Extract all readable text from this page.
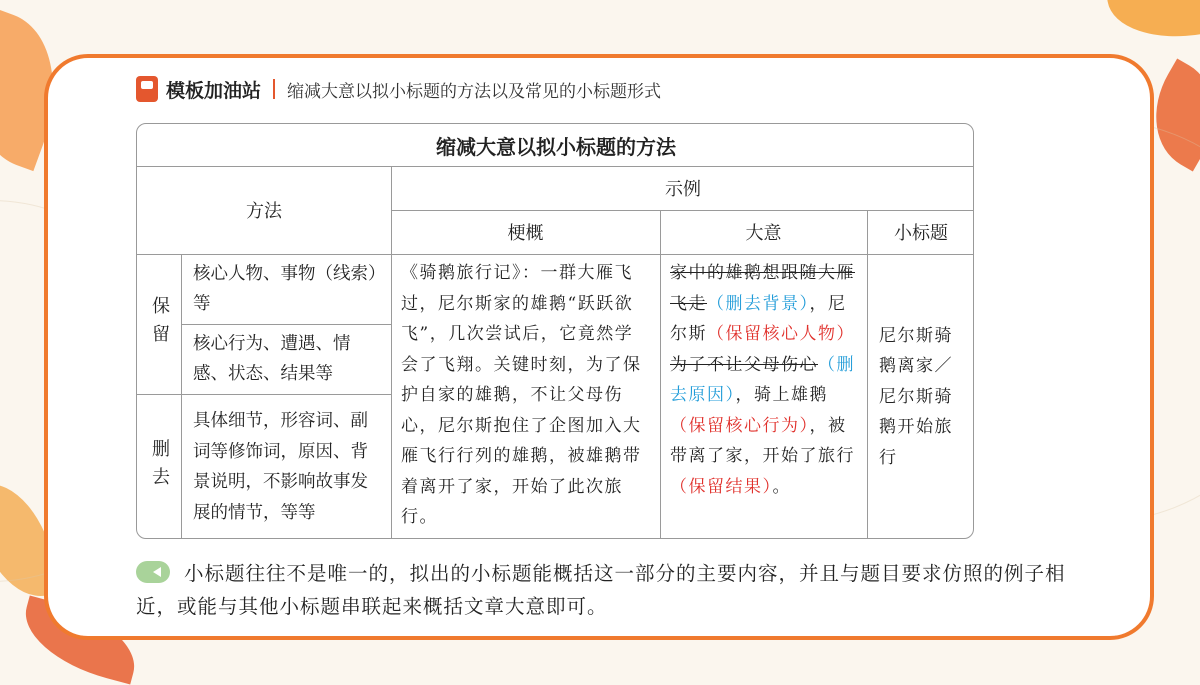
模板加油站 缩减大意以拟小标题的方法以及常见的小标题形式
缩减大意以拟小标题的方法
方法
示例
梗概	大意	小标题
保留
删去
核心人物、事物（线索）等
核心行为、遭遇、情感、状态、结果等
具体细节，形容词、副词等修饰词，原因、背景说明，不影响故事发展的情节，等等
《骑鹅旅行记》：一群大雁飞过，尼尔斯家的雄鹅“跃跃欲飞”，几次尝试后，它竟然学会了飞翔。关键时刻，为了保护自家的雄鹅，不让父母伤心，尼尔斯抱住了企图加入大雁飞行行列的雄鹅，被雄鹅带着离开了家，开始了此次旅行。
家中的雄鹅想跟随大雁飞走（删去背景），尼尔斯（保留核心人物）为了不让父母伤心（删去原因），骑上雄鹅（保留核心行为），被带离了家，开始了旅行（保留结果）。
尼尔斯骑鹅离家／尼尔斯骑鹅开始旅行
小标题往往不是唯一的，拟出的小标题能概括这一部分的主要内容，并且与题目要求仿照的例子相近，或能与其他小标题串联起来概括文章大意即可。
